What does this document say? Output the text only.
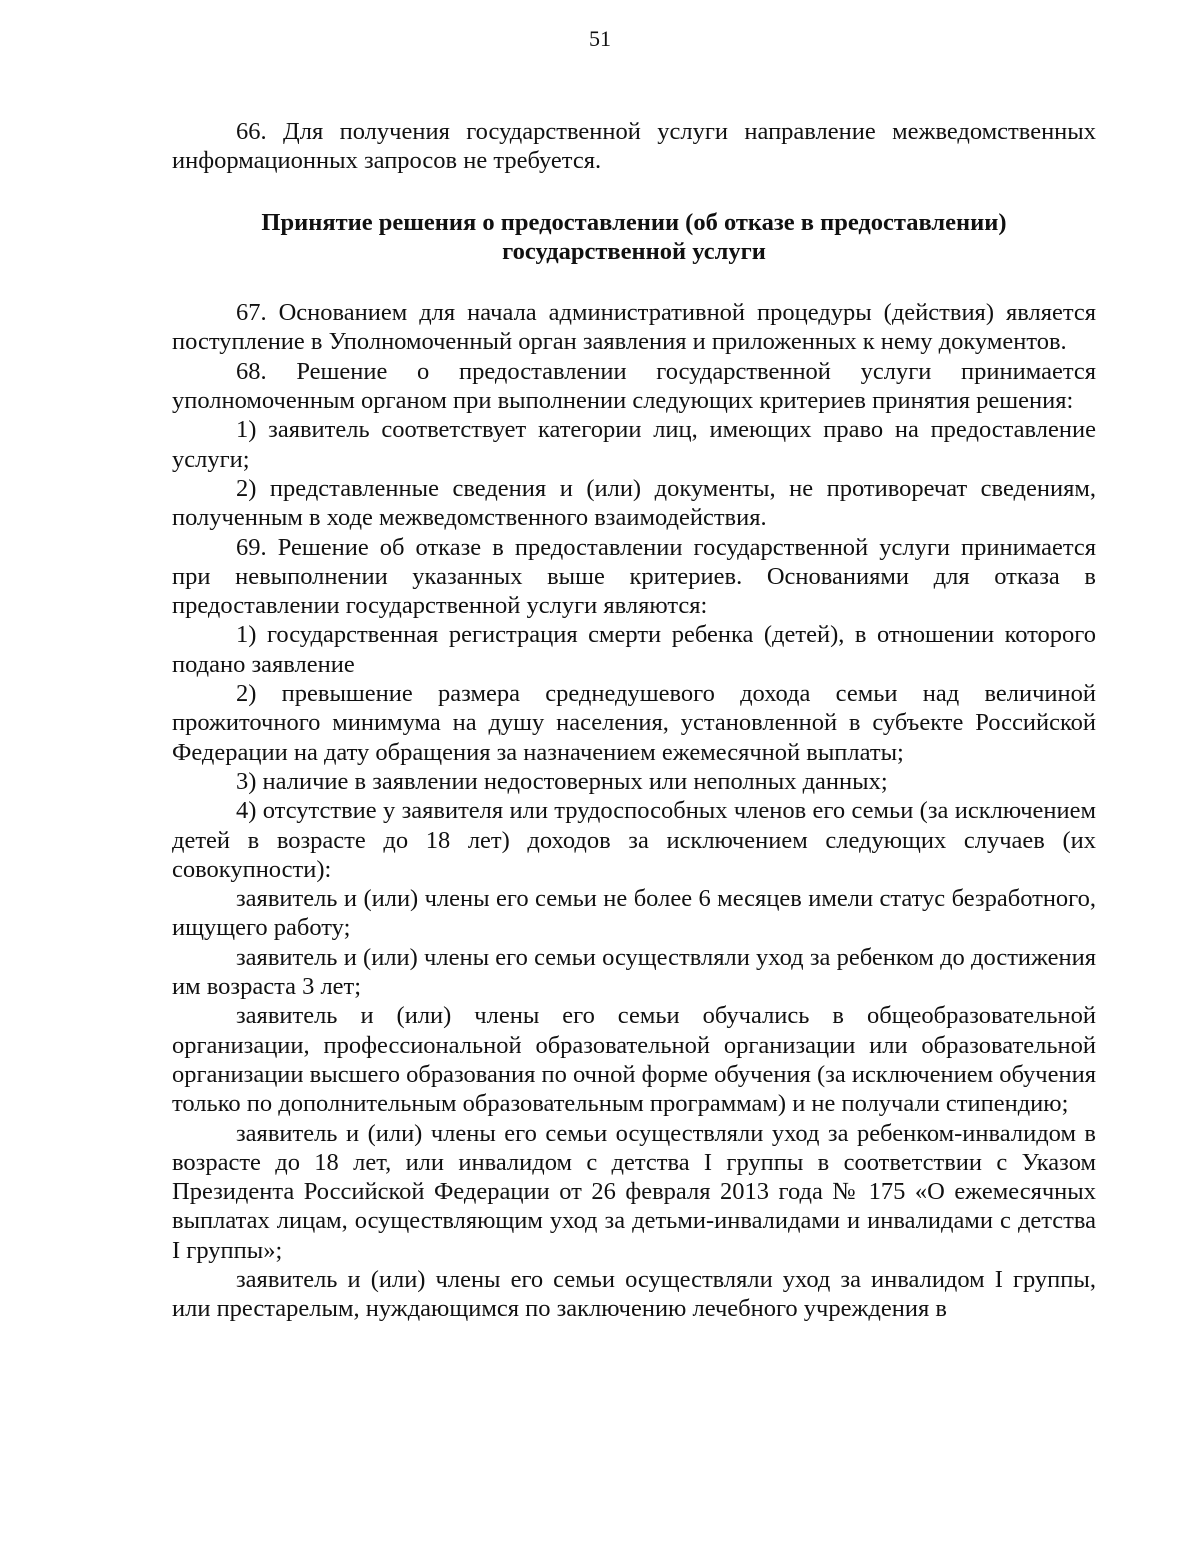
51

66. Для получения государственной услуги направление межведомственных информационных запросов не требуется.

Принятие решения о предоставлении (об отказе в предоставлении)
государственной услуги

67. Основанием для начала административной процедуры (действия) является поступление в Уполномоченный орган заявления и приложенных к нему документов.

68. Решение о предоставлении государственной услуги принимается уполномоченным органом при выполнении следующих критериев принятия решения:

1) заявитель соответствует категории лиц, имеющих право на предоставление услуги;

2) представленные сведения и (или) документы, не противоречат сведениям, полученным в ходе межведомственного взаимодействия.

69. Решение об отказе в предоставлении государственной услуги принимается при невыполнении указанных выше критериев. Основаниями для отказа в предоставлении государственной услуги являются:

1) государственная регистрация смерти ребенка (детей), в отношении которого подано заявление

2) превышение размера среднедушевого дохода семьи над величиной прожиточного минимума на душу населения, установленной в субъекте Российской Федерации на дату обращения за назначением ежемесячной выплаты;

3) наличие в заявлении недостоверных или неполных данных;

4) отсутствие у заявителя или трудоспособных членов его семьи (за исключением детей в возрасте до 18 лет) доходов за исключением следующих случаев (их совокупности):

заявитель и (или) члены его семьи не более 6 месяцев имели статус безработного, ищущего работу;

заявитель и (или) члены его семьи осуществляли уход за ребенком до достижения им возраста 3 лет;

заявитель и (или) члены его семьи обучались в общеобразовательной организации, профессиональной образовательной организации или образовательной организации высшего образования по очной форме обучения (за исключением обучения только по дополнительным образовательным программам) и не получали стипендию;

заявитель и (или) члены его семьи осуществляли уход за ребенком-инвалидом в возрасте до 18 лет, или инвалидом с детства I группы в соответствии с Указом Президента Российской Федерации от 26 февраля 2013 года № 175 «О ежемесячных выплатах лицам, осуществляющим уход за детьми-инвалидами и инвалидами с детства I группы»;

заявитель и (или) члены его семьи осуществляли уход за инвалидом I группы, или престарелым, нуждающимся по заключению лечебного учреждения в
